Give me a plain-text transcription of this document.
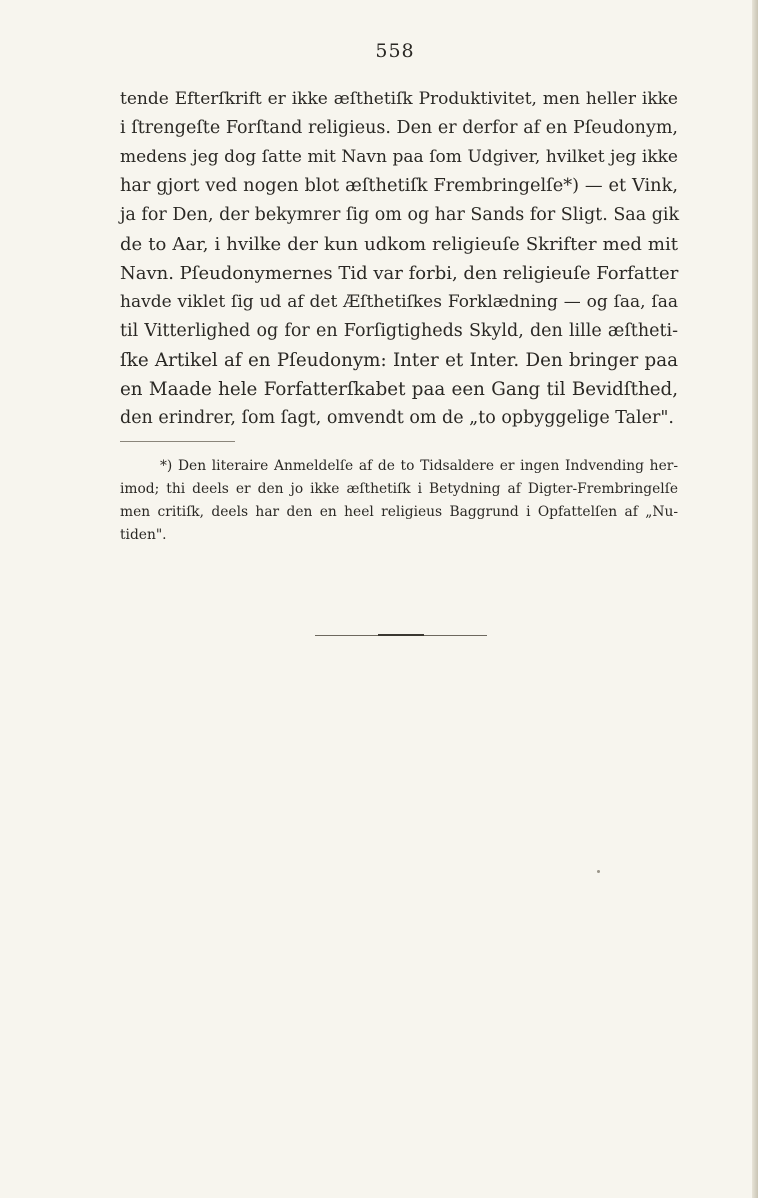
558
tende Efterſkrift er ikke æſthetiſk Produktivitet, men heller ikke
i ſtrengeſte Forſtand religieus. Den er derfor af en Pſeudonym,
medens jeg dog ſatte mit Navn paa ſom Udgiver, hvilket jeg ikke
har gjort ved nogen blot æſthetiſk Frembringelſe*) — et Vink,
ja for Den, der bekymrer ſig om og har Sands for Sligt. Saa gik
de to Aar, i hvilke der kun udkom religieuſe Skrifter med mit
Navn. Pſeudonymernes Tid var forbi, den religieuſe Forfatter
havde viklet ſig ud af det Æſthetiſkes Forklædning — og ſaa, ſaa
til Vitterlighed og for en Forſigtigheds Skyld, den lille æſtheti-
ſke Artikel af en Pſeudonym: Inter et Inter. Den bringer paa
en Maade hele Forfatterſkabet paa een Gang til Bevidſthed,
den erindrer, ſom ſagt, omvendt om de „to opbyggelige Taler".
*) Den literaire Anmeldelſe af de to Tidsaldere er ingen Indvending her-
imod; thi deels er den jo ikke æſthetiſk i Betydning af Digter-Frembringelſe
men critiſk, deels har den en heel religieus Baggrund i Opfattelſen af „Nu-
tiden".
